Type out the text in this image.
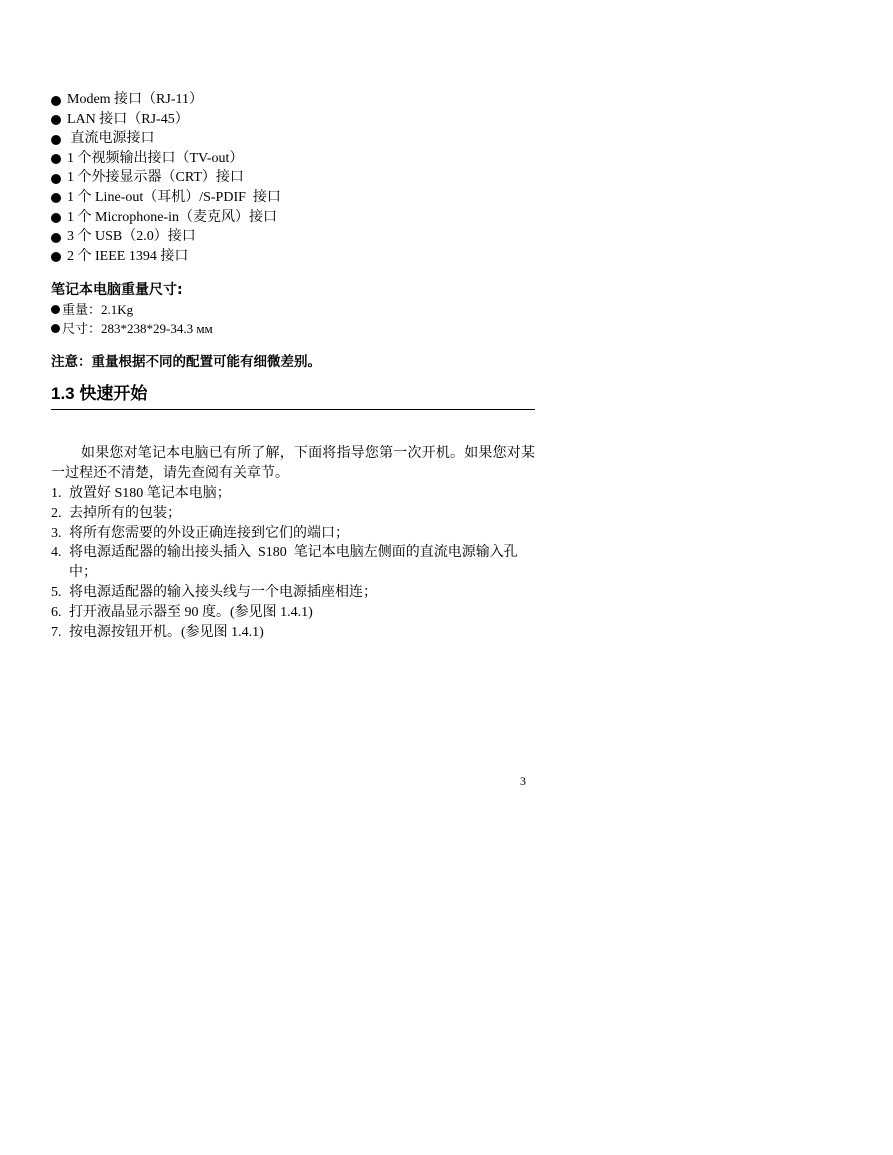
Modem 接口（RJ-11）
LAN 接口（RJ-45）
直流电源接口
1 个视频输出接口（TV-out）
1 个外接显示器（CRT）接口
1 个 Line-out（耳机）/S-PDIF  接口
1 个 Microphone-in（麦克风）接口
3 个 USB（2.0）接口
2 个 IEEE 1394 接口
笔记本电脑重量尺寸:
重量：2.1Kg
尺寸：283*238*29-34.3 мм
注意：重量根据不同的配置可能有细微差别。
1.3 快速开始

如果您对笔记本电脑已有所了解，下面将指导您第一次开机。如果您对某一过程还不清楚，请先查阅有关章节。

1. 放置好 S180 笔记本电脑；
2. 去掉所有的包装；
3. 将所有您需要的外设正确连接到它们的端口；
4. 将电源适配器的输出接头插入  S180  笔记本电脑左侧面的直流电源输入孔中；
5. 将电源适配器的输入接头线与一个电源插座相连；
6. 打开液晶显示器至 90 度。(参见图 1.4.1)
7. 按电源按钮开机。(参见图 1.4.1)
3
